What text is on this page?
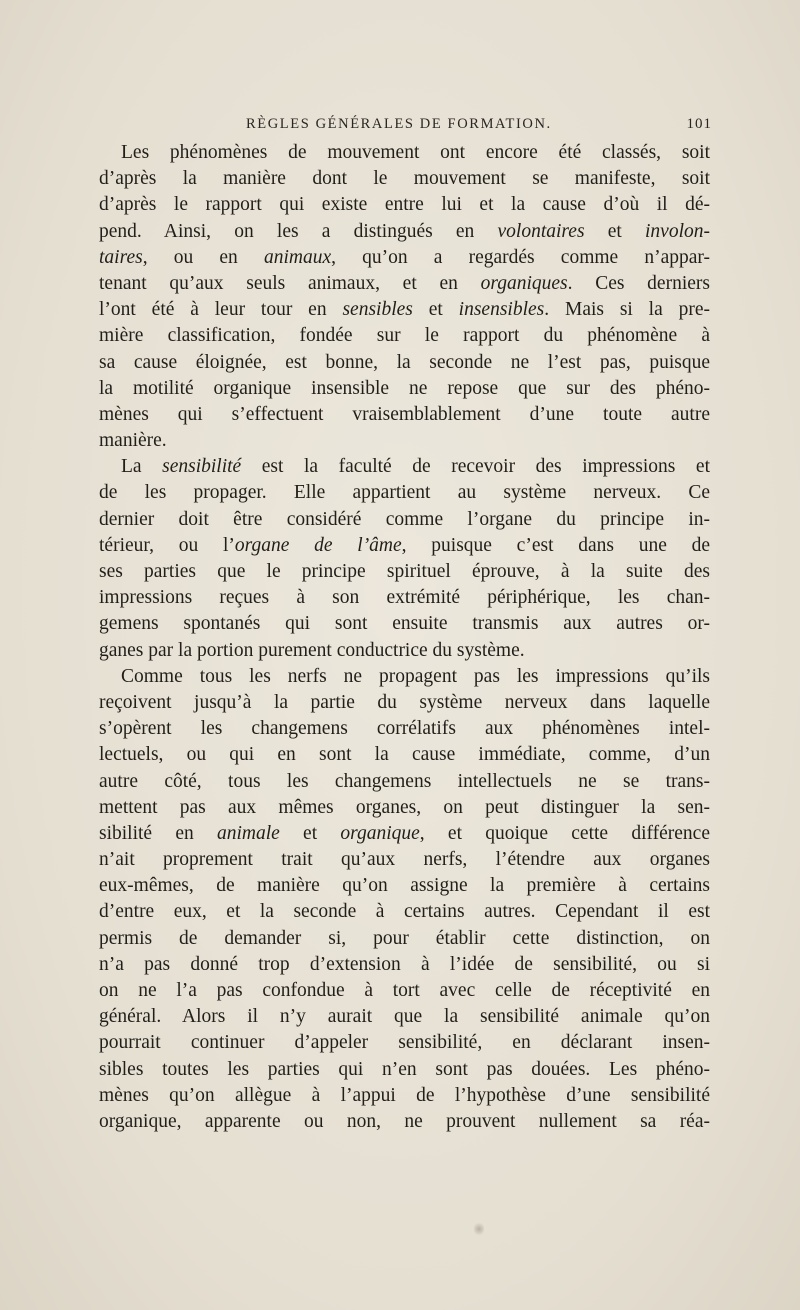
RÈGLES GÉNÉRALES DE FORMATION.	101
Les phénomènes de mouvement ont encore été classés, soit
d’après la manière dont le mouvement se manifeste, soit
d’après le rapport qui existe entre lui et la cause d’où il dé-
pend. Ainsi, on les a distingués en volontaires et involon-
taires, ou en animaux, qu’on a regardés comme n’appar-
tenant qu’aux seuls animaux, et en organiques. Ces derniers
l’ont été à leur tour en sensibles et insensibles. Mais si la pre-
mière classification, fondée sur le rapport du phénomène à
sa cause éloignée, est bonne, la seconde ne l’est pas, puisque
la motilité organique insensible ne repose que sur des phéno-
mènes qui s’effectuent vraisemblablement d’une toute autre
manière.
La sensibilité est la faculté de recevoir des impressions et
de les propager. Elle appartient au système nerveux. Ce
dernier doit être considéré comme l’organe du principe in-
térieur, ou l’organe de l’âme, puisque c’est dans une de
ses parties que le principe spirituel éprouve, à la suite des
impressions reçues à son extrémité périphérique, les chan-
gemens spontanés qui sont ensuite transmis aux autres or-
ganes par la portion purement conductrice du système.
Comme tous les nerfs ne propagent pas les impressions qu’ils
reçoivent jusqu’à la partie du système nerveux dans laquelle
s’opèrent les changemens corrélatifs aux phénomènes intel-
lectuels, ou qui en sont la cause immédiate, comme, d’un
autre côté, tous les changemens intellectuels ne se trans-
mettent pas aux mêmes organes, on peut distinguer la sen-
sibilité en animale et organique, et quoique cette différence
n’ait proprement trait qu’aux nerfs, l’étendre aux organes
eux-mêmes, de manière qu’on assigne la première à certains
d’entre eux, et la seconde à certains autres. Cependant il est
permis de demander si, pour établir cette distinction, on
n’a pas donné trop d’extension à l’idée de sensibilité, ou si
on ne l’a pas confondue à tort avec celle de réceptivité en
général. Alors il n’y aurait que la sensibilité animale qu’on
pourrait continuer d’appeler sensibilité, en déclarant insen-
sibles toutes les parties qui n’en sont pas douées. Les phéno-
mènes qu’on allègue à l’appui de l’hypothèse d’une sensibilité
organique, apparente ou non, ne prouvent nullement sa réa-
